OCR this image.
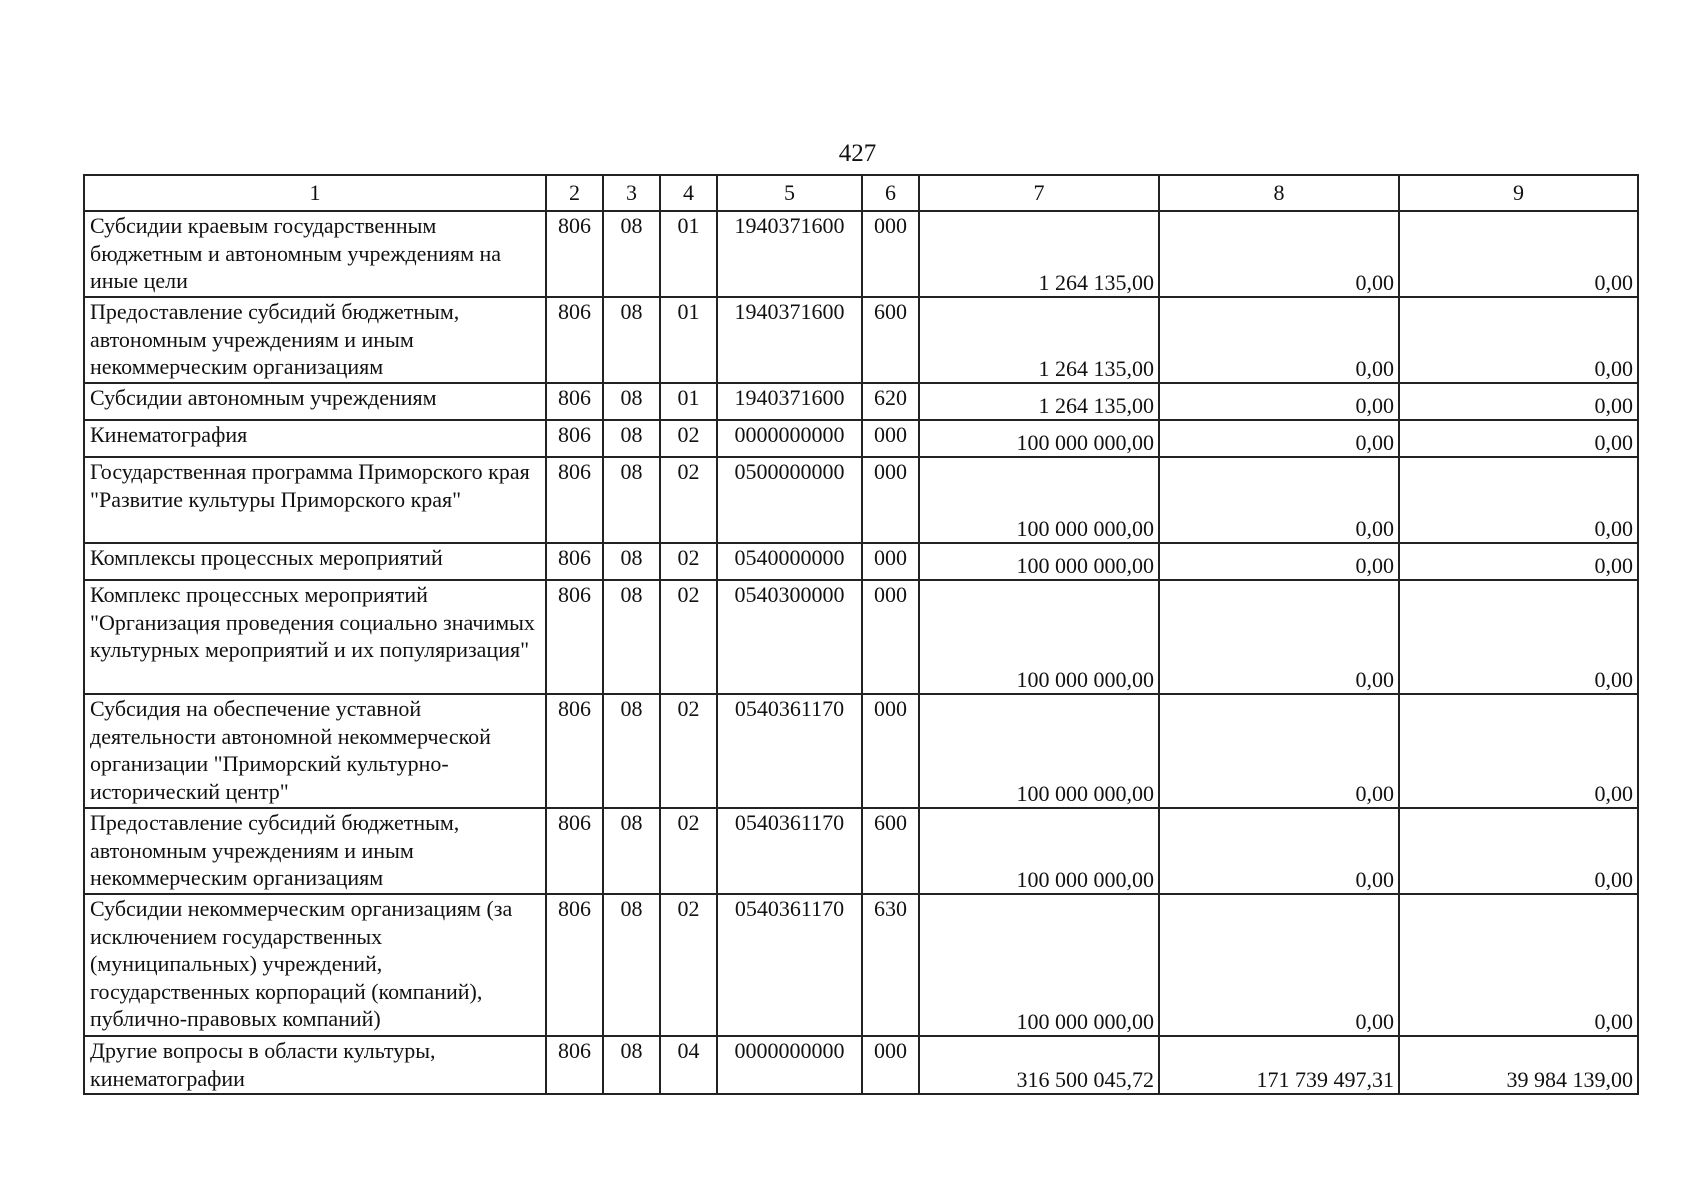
427
1	2	3	4	5	6	7	8	9
Субсидии краевым государственным бюджетным и автономным учреждениям на иные цели	806	08	01	1940371600	000	1 264 135,00	0,00	0,00
Предоставление субсидий бюджетным, автономным учреждениям и иным некоммерческим организациям	806	08	01	1940371600	600	1 264 135,00	0,00	0,00
Субсидии автономным учреждениям	806	08	01	1940371600	620	1 264 135,00	0,00	0,00
Кинематография	806	08	02	0000000000	000	100 000 000,00	0,00	0,00
Государственная программа Приморского края "Развитие культуры Приморского края"	806	08	02	0500000000	000	100 000 000,00	0,00	0,00
Комплексы процессных мероприятий	806	08	02	0540000000	000	100 000 000,00	0,00	0,00
Комплекс процессных мероприятий "Организация проведения социально значимых культурных мероприятий и их популяризация"	806	08	02	0540300000	000	100 000 000,00	0,00	0,00
Субсидия на обеспечение уставной деятельности автономной некоммерческой организации "Приморский культурно-исторический центр"	806	08	02	0540361170	000	100 000 000,00	0,00	0,00
Предоставление субсидий бюджетным, автономным учреждениям и иным некоммерческим организациям	806	08	02	0540361170	600	100 000 000,00	0,00	0,00
Субсидии некоммерческим организациям (за исключением государственных (муниципальных) учреждений, государственных корпораций (компаний), публично-правовых компаний)	806	08	02	0540361170	630	100 000 000,00	0,00	0,00
Другие вопросы в области культуры, кинематографии	806	08	04	0000000000	000	316 500 045,72	171 739 497,31	39 984 139,00
